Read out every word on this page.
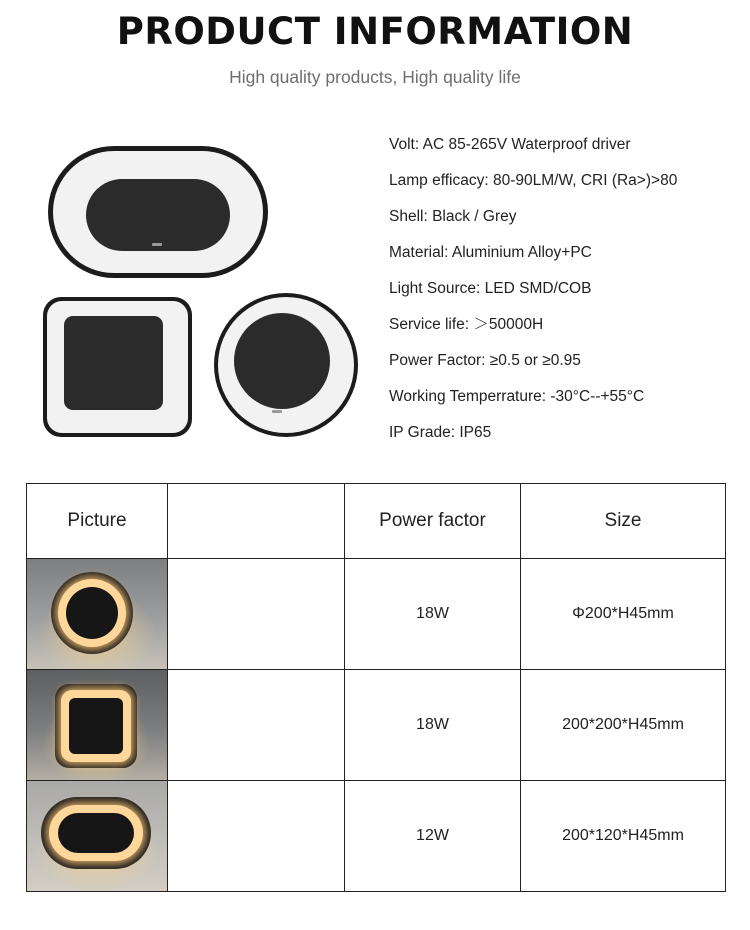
PRODUCT INFORMATION
High quality products, High quality life
Volt: AC 85-265V Waterproof driver
Lamp efficacy: 80-90LM/W, CRI (Ra>)>80
Shell: Black / Grey
Material: Aluminium Alloy+PC
Light Source: LED SMD/COB
Service life: ＞50000H
Power Factor: ≥0.5 or ≥0.95
Working Temperrature: -30°C--+55°C
IP Grade: IP65
Picture		Power factor	Size

		18W	Φ200*H45mm

		18W	200*200*H45mm

		12W	200*120*H45mm
